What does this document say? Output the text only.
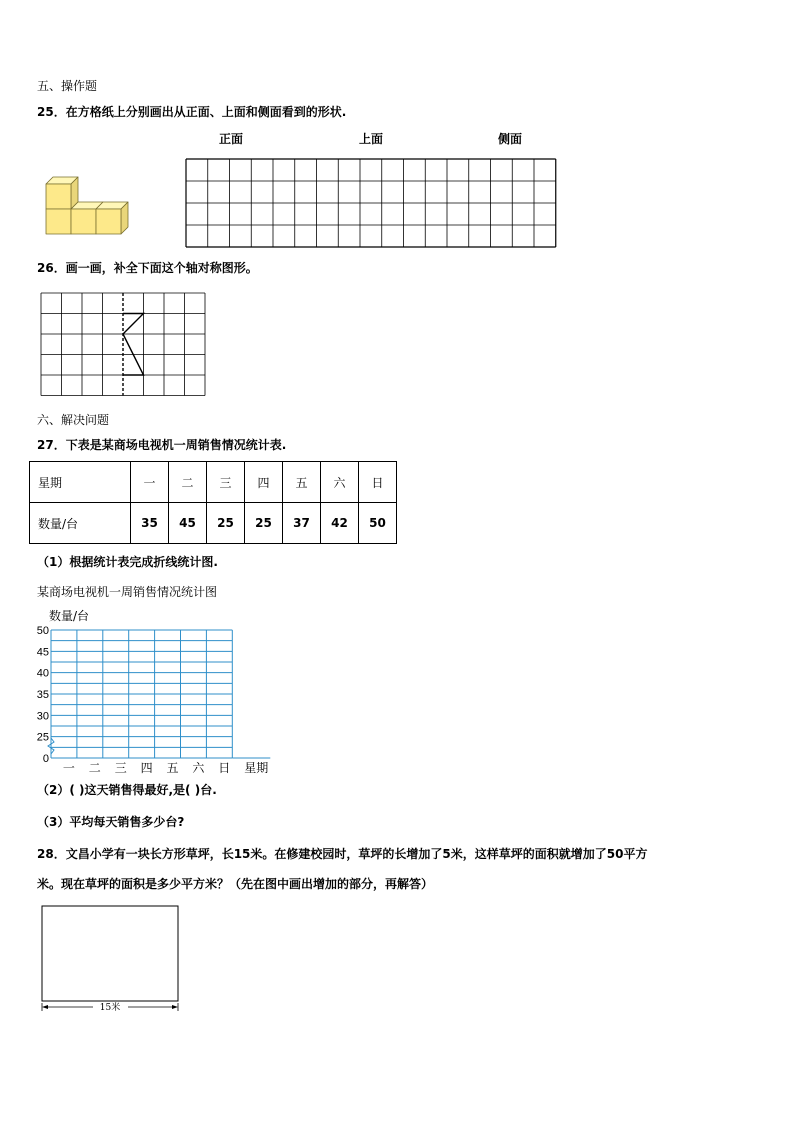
五、操作题
25．在方格纸上分别画出从正面、上面和侧面看到的形状.
正面	上面	侧面
26．画一画，补全下面这个轴对称图形。
六、解决问题
27．下表是某商场电视机一周销售情况统计表.
星期	一	二	三	四	五	六	日
数量/台	35	45	25	25	37	42	50
（1）根据统计表完成折线统计图.
某商场电视机一周销售情况统计图
0
25
30
35
40
45
50
数量/台
一 二 三 四 五 六 日 星期
（2）( )这天销售得最好,是( )台.
（3）平均每天销售多少台?
28．文昌小学有一块长方形草坪，长15米。在修建校园时，草坪的长增加了5米，这样草坪的面积就增加了50平方
米。现在草坪的面积是多少平方米？（先在图中画出增加的部分，再解答）
15米
